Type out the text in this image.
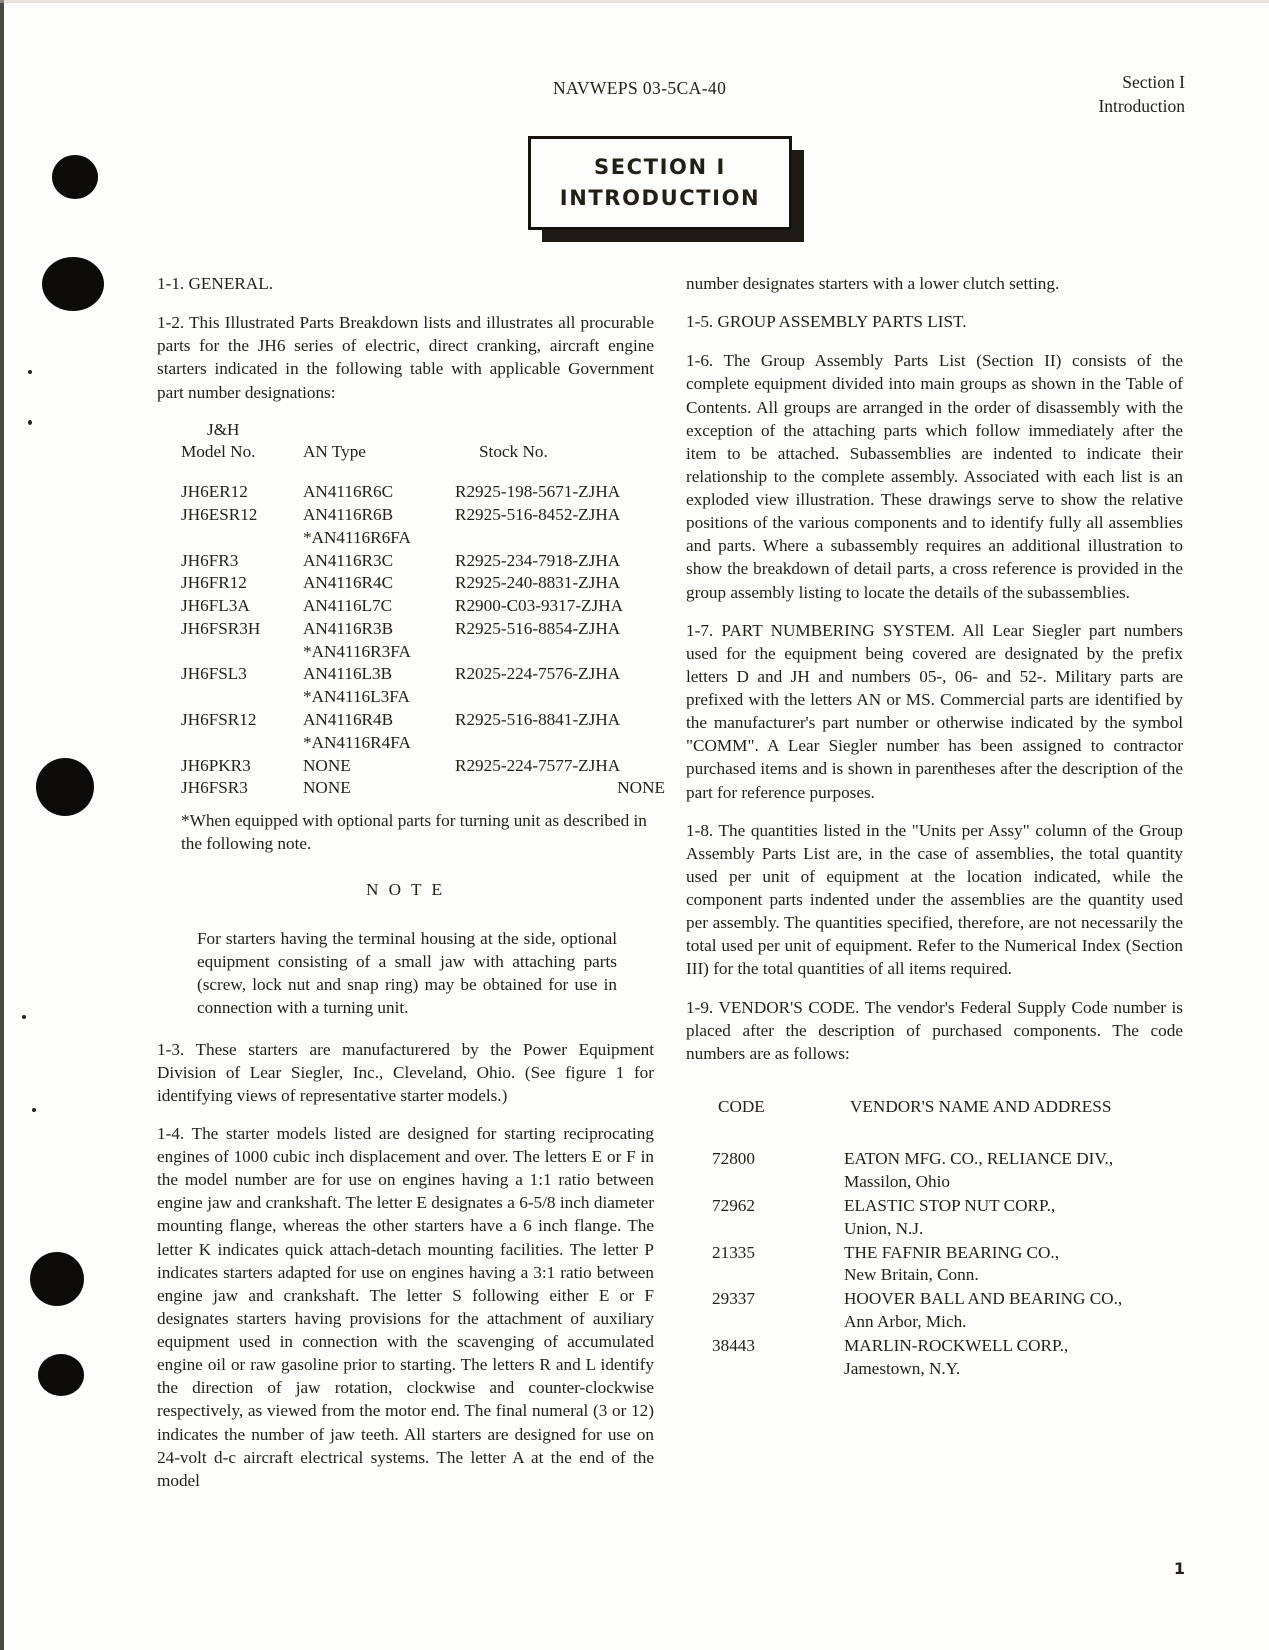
NAVWEPS 03-5CA-40	Section I
Introduction
SECTION I
INTRODUCTION

1-1. GENERAL.

1-2. This Illustrated Parts Breakdown lists and illustrates all procurable parts for the JH6 series of electric, direct cranking, aircraft engine starters indicated in the following table with applicable Government part number designations:

J&H
Model No.	AN Type	Stock No.
JH6ER12	AN4116R6C	R2925-198-5671-ZJHA
JH6ESR12	AN4116R6B	R2925-516-8452-ZJHA
*AN4116R6FA
JH6FR3	AN4116R3C	R2925-234-7918-ZJHA
JH6FR12	AN4116R4C	R2925-240-8831-ZJHA
JH6FL3A	AN4116L7C	R2900-C03-9317-ZJHA
JH6FSR3H AN4116R3B	R2925-516-8854-ZJHA
*AN4116R3FA
JH6FSL3	AN4116L3B	R2025-224-7576-ZJHA
*AN4116L3FA
JH6FSR12	AN4116R4B	R2925-516-8841-ZJHA
*AN4116R4FA
JH6PKR3	NONE	R2925-224-7577-ZJHA
JH6FSR3	NONE	NONE

*When equipped with optional parts for turning unit as described in the following note.

N O T E

For starters having the terminal housing at the side, optional equipment consisting of a small jaw with attaching parts (screw, lock nut and snap ring) may be obtained for use in connection with a turning unit.

1-3. These starters are manufacturered by the Power Equipment Division of Lear Siegler, Inc., Cleveland, Ohio. (See figure 1 for identifying views of representative starter models.)

1-4. The starter models listed are designed for starting reciprocating engines of 1000 cubic inch displacement and over. The letters E or F in the model number are for use on engines having a 1:1 ratio between engine jaw and crankshaft. The letter E designates a 6-5/8 inch diameter mounting flange, whereas the other starters have a 6 inch flange. The letter K indicates quick attach-detach mounting facilities. The letter P indicates starters adapted for use on engines having a 3:1 ratio between engine jaw and crankshaft. The letter S following either E or F designates starters having provisions for the attachment of auxiliary equipment used in connection with the scavenging of accumulated engine oil or raw gasoline prior to starting. The letters R and L identify the direction of jaw rotation, clockwise and counter-clockwise respectively, as viewed from the motor end. The final numeral (3 or 12) indicates the number of jaw teeth. All starters are designed for use on 24-volt d-c aircraft electrical systems. The letter A at the end of the model

number designates starters with a lower clutch setting.

1-5. GROUP ASSEMBLY PARTS LIST.

1-6. The Group Assembly Parts List (Section II) consists of the complete equipment divided into main groups as shown in the Table of Contents. All groups are arranged in the order of disassembly with the exception of the attaching parts which follow immediately after the item to be attached. Subassemblies are indented to indicate their relationship to the complete assembly. Associated with each list is an exploded view illustration. These drawings serve to show the relative positions of the various components and to identify fully all assemblies and parts. Where a subassembly requires an additional illustration to show the breakdown of detail parts, a cross reference is provided in the group assembly listing to locate the details of the subassemblies.

1-7. PART NUMBERING SYSTEM. All Lear Siegler part numbers used for the equipment being covered are designated by the prefix letters D and JH and numbers 05-, 06- and 52-. Military parts are prefixed with the letters AN or MS. Commercial parts are identified by the manufacturer's part number or otherwise indicated by the symbol "COMM". A Lear Siegler number has been assigned to contractor purchased items and is shown in parentheses after the description of the part for reference purposes.

1-8. The quantities listed in the "Units per Assy" column of the Group Assembly Parts List are, in the case of assemblies, the total quantity used per unit of equipment at the location indicated, while the component parts indented under the assemblies are the quantity used per assembly. The quantities specified, therefore, are not necessarily the total used per unit of equipment. Refer to the Numerical Index (Section III) for the total quantities of all items required.

1-9. VENDOR'S CODE. The vendor's Federal Supply Code number is placed after the description of purchased components. The code numbers are as follows:

CODE	VENDOR'S NAME AND ADDRESS
72800	EATON MFG. CO., RELIANCE DIV.,
Massilon, Ohio
72962	ELASTIC STOP NUT CORP.,
Union, N.J.
21335	THE FAFNIR BEARING CO.,
New Britain, Conn.
29337	HOOVER BALL AND BEARING CO.,
Ann Arbor, Mich.
38443	MARLIN-ROCKWELL CORP.,
Jamestown, N.Y.
1
